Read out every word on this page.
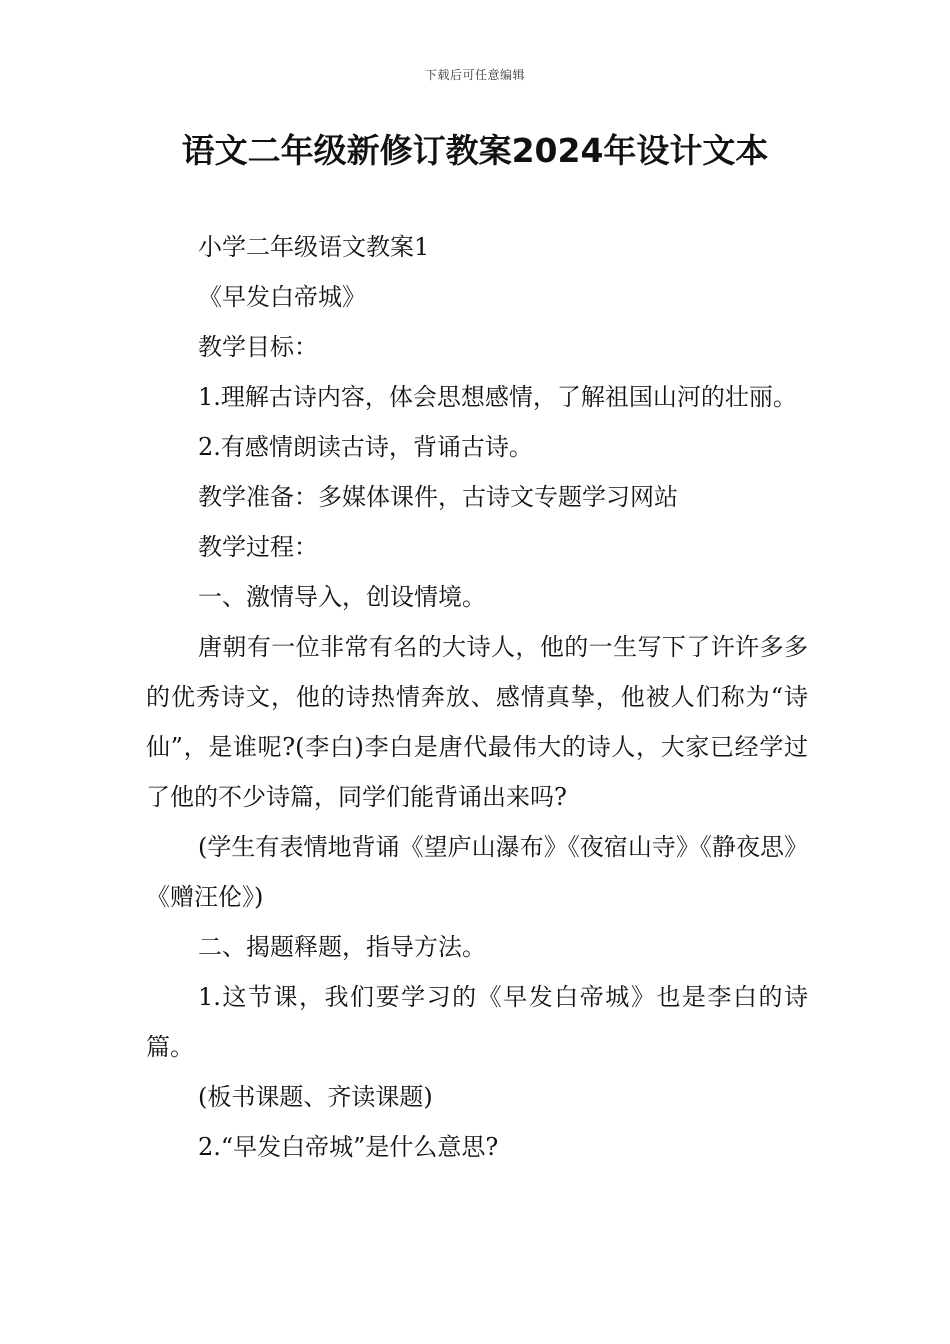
下载后可任意编辑
语文二年级新修订教案2024年设计文本

小学二年级语文教案1

《早发白帝城》

教学目标：

1.理解古诗内容，体会思想感情，了解祖国山河的壮丽。

2.有感情朗读古诗，背诵古诗。

教学准备：多媒体课件，古诗文专题学习网站

教学过程：

一、激情导入，创设情境。

唐朝有一位非常有名的大诗人，他的一生写下了许许多多的优秀诗文，他的诗热情奔放、感情真挚，他被人们称为“诗仙”，是谁呢?(李白)李白是唐代最伟大的诗人，大家已经学过了他的不少诗篇，同学们能背诵出来吗?

(学生有表情地背诵《望庐山瀑布》《夜宿山寺》《静夜思》《赠汪伦》)

二、揭题释题，指导方法。

1.这节课，我们要学习的《早发白帝城》也是李白的诗篇。

(板书课题、齐读课题)

2.“早发白帝城”是什么意思?
